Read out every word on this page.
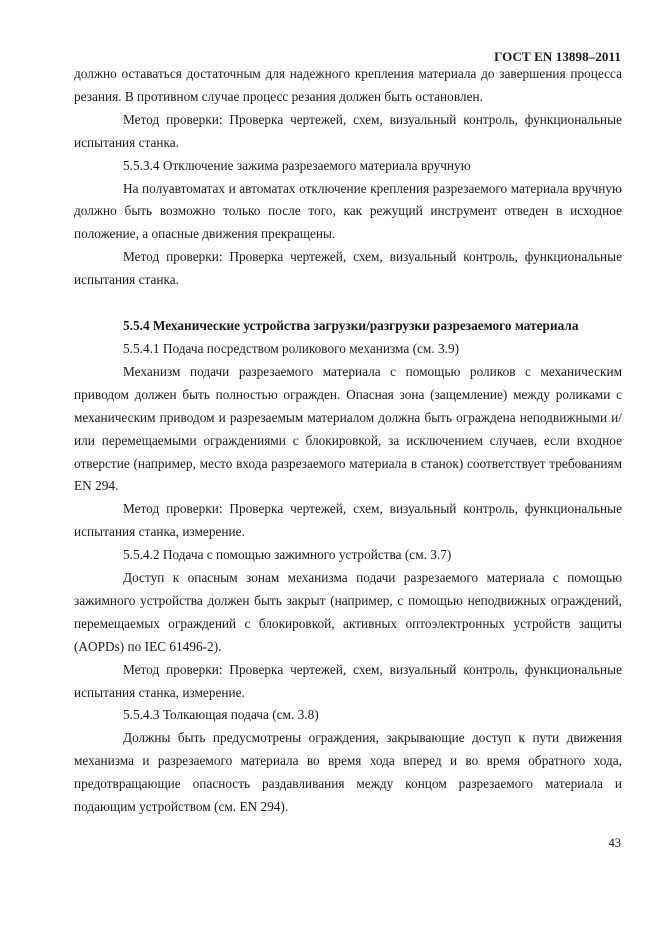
ГОСТ EN 13898–2011

должно оставаться достаточным для надежного крепления материала до завершения процесса резания. В противном случае процесс резания должен быть остановлен.

Метод проверки: Проверка чертежей, схем, визуальный контроль, функциональные испытания станка.

5.5.3.4 Отключение зажима разрезаемого материала вручную

На полуавтоматах и автоматах отключение крепления разрезаемого материала вручную должно быть возможно только после того, как режущий инструмент отведен в исходное положение, а опасные движения прекращены.

Метод проверки: Проверка чертежей, схем, визуальный контроль, функциональные испытания станка.

5.5.4 Механические устройства загрузки/разгрузки разрезаемого материала

5.5.4.1 Подача посредством роликового механизма (см. 3.9)

Механизм подачи разрезаемого материала с помощью роликов с механическим приводом должен быть полностью огражден. Опасная зона (защемление) между роликами с механическим приводом и разрезаемым материалом должна быть ограждена неподвижными и/или перемещаемыми ограждениями с блокировкой, за исключением случаев, если входное отверстие (например, место входа разрезаемого материала в станок) соответствует требованиям EN 294.

Метод проверки: Проверка чертежей, схем, визуальный контроль, функциональные испытания станка, измерение.

5.5.4.2 Подача с помощью зажимного устройства (см. 3.7)

Доступ к опасным зонам механизма подачи разрезаемого материала с помощью зажимного устройства должен быть закрыт (например, с помощью неподвижных ограждений, перемещаемых ограждений с блокировкой, активных оптоэлектронных устройств защиты (AOPDs) по IEC 61496-2).

Метод проверки: Проверка чертежей, схем, визуальный контроль, функциональные испытания станка, измерение.

5.5.4.3 Толкающая подача (см. 3.8)

Должны быть предусмотрены ограждения, закрывающие доступ к пути движения механизма и разрезаемого материала во время хода вперед и во время обратного хода, предотвращающие опасность раздавливания между концом разрезаемого материала и подающим устройством (см. EN 294).

43
